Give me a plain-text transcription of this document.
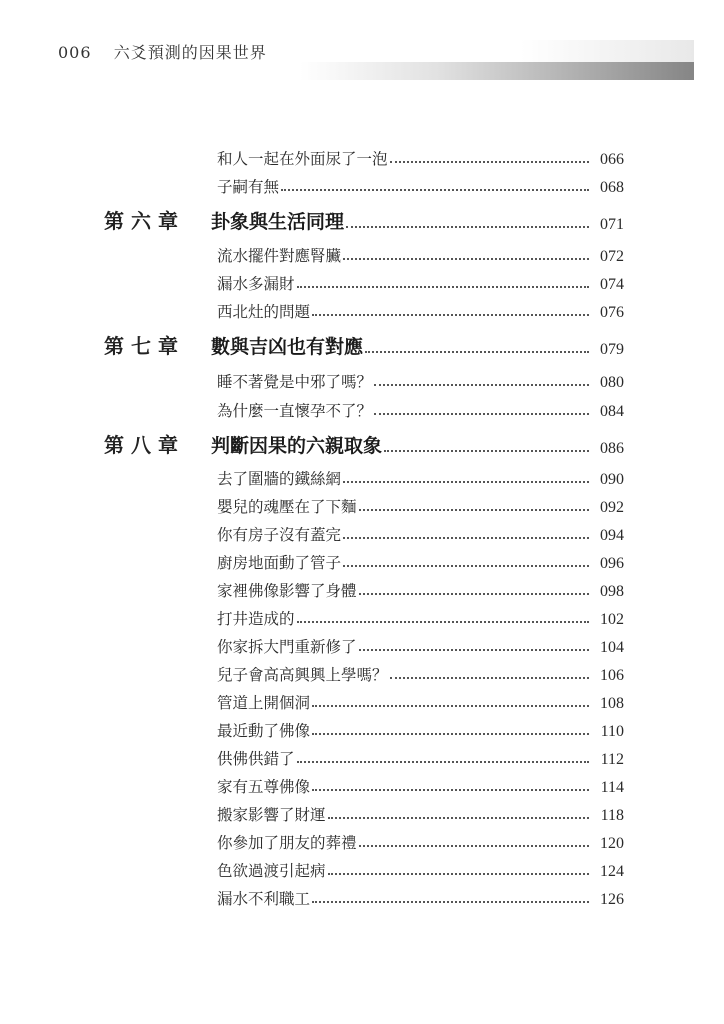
006 六爻預測的因果世界
和人一起在外面尿了一泡	066
子嗣有無	068
第六章	卦象與生活同理	071
流水擺件對應腎臟	072
漏水多漏財	074
西北灶的問題	076
第七章	數與吉凶也有對應	079
睡不著覺是中邪了嗎？	080
為什麼一直懷孕不了？	084
第八章	判斷因果的六親取象	086
去了圍牆的鐵絲網	090
嬰兒的魂壓在了下麵	092
你有房子沒有蓋完	094
廚房地面動了管子	096
家裡佛像影響了身體	098
打井造成的	102
你家拆大門重新修了	104
兒子會高高興興上學嗎？	106
管道上開個洞	108
最近動了佛像	110
供佛供錯了	112
家有五尊佛像	114
搬家影響了財運	118
你參加了朋友的葬禮	120
色欲過渡引起病	124
漏水不利職工	126
